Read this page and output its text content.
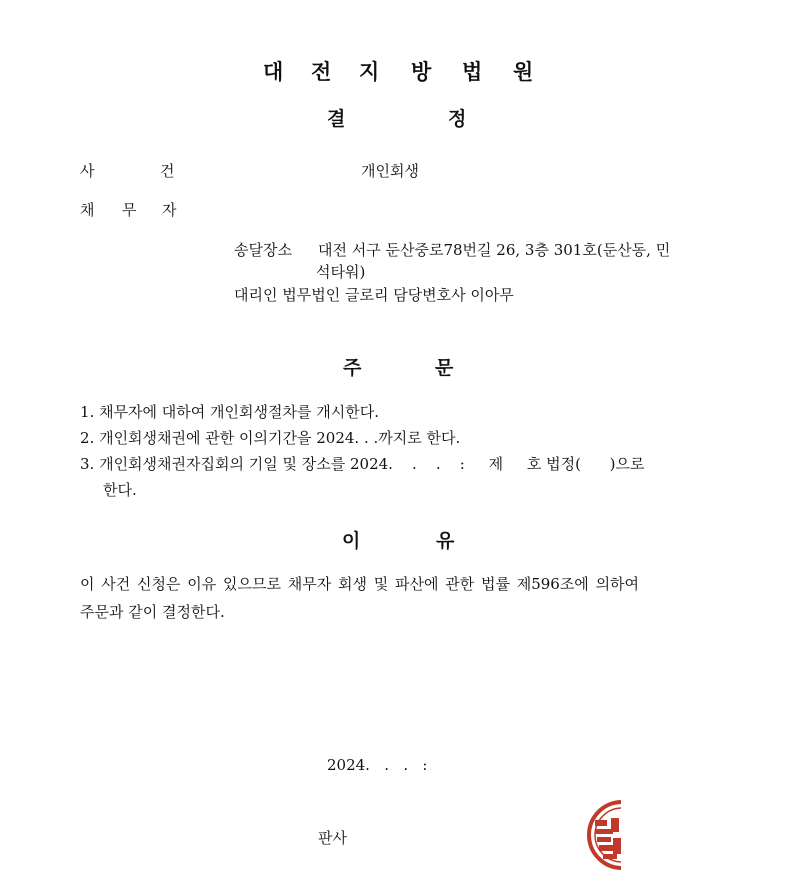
대 전 지 방 법 원
결	정
사	건	개인회생
채 무 자
송달장소 대전 서구 둔산중로78번길 26, 3층 301호(둔산동, 민
석타워)
대리인 법무법인 글로리 담당변호사 이아무
주	문
1. 채무자에 대하여 개인회생절차를 개시한다.
2. 개인회생채권에 관한 이의기간을 2024. . .까지로 한다.
3. 개인회생채권자집회의 기일 및 장소를 2024.    .    .    :     제     호 법정(      )으로
한다.
이	유
이 사건 신청은 이유 있으므로 채무자 회생 및 파산에 관한 법률 제596조에 의하여
주문과 같이 결정한다.
2024.   .   .   :
판사
